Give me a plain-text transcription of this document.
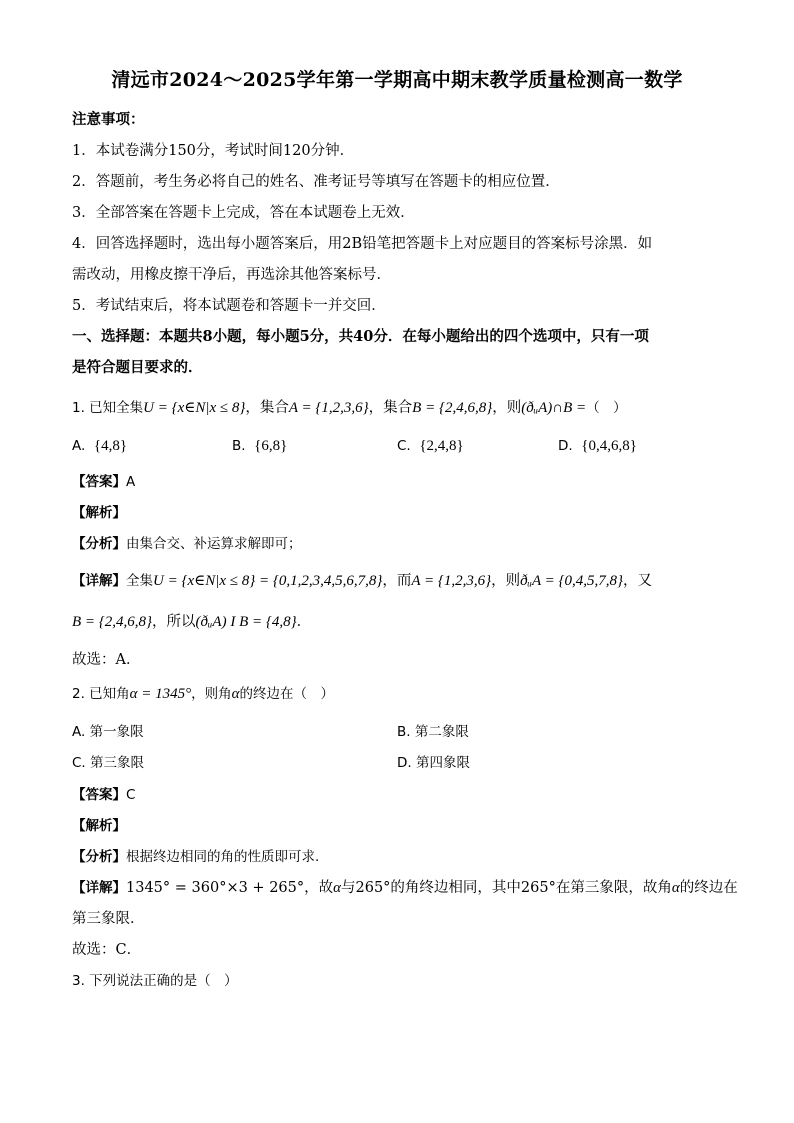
清远市2024～2025学年第一学期高中期末教学质量检测高一数学
注意事项：
1．本试卷满分150分，考试时间120分钟．
2．答题前，考生务必将自己的姓名、准考证号等填写在答题卡的相应位置．
3．全部答案在答题卡上完成，答在本试题卷上无效．
4．回答选择题时，选出每小题答案后，用2B铅笔把答题卡上对应题目的答案标号涂黑．如
需改动，用橡皮擦干净后，再选涂其他答案标号．
5．考试结束后，将本试题卷和答题卡一并交回．
一、选择题：本题共8小题，每小题5分，共40分．在每小题给出的四个选项中，只有一项
是符合题目要求的．
1. 已知全集U = {x∈N|x ≤ 8}，集合A = {1,2,3,6}，集合B = {2,4,6,8}，则(ðᵤA)∩B =（　）
A. {4,8}	B. {6,8}	C. {2,4,8}	D. {0,4,6,8}
【答案】A
【解析】
【分析】由集合交、补运算求解即可；
【详解】全集U = {x∈N|x ≤ 8} = {0,1,2,3,4,5,6,7,8}，而A = {1,2,3,6}，则ðᵤA = {0,4,5,7,8}，又
B = {2,4,6,8}，所以(ðᵤA) I B = {4,8}．
故选：A．
2. 已知角α = 1345°，则角α的终边在（　）
A. 第一象限	B. 第二象限
C. 第三象限	D. 第四象限
【答案】C
【解析】
【分析】根据终边相同的角的性质即可求.
【详解】1345° = 360°×3 + 265°，故α与265°的角终边相同，其中265°在第三象限，故角α的终边在
第三象限．
故选：C．
3. 下列说法正确的是（　）
